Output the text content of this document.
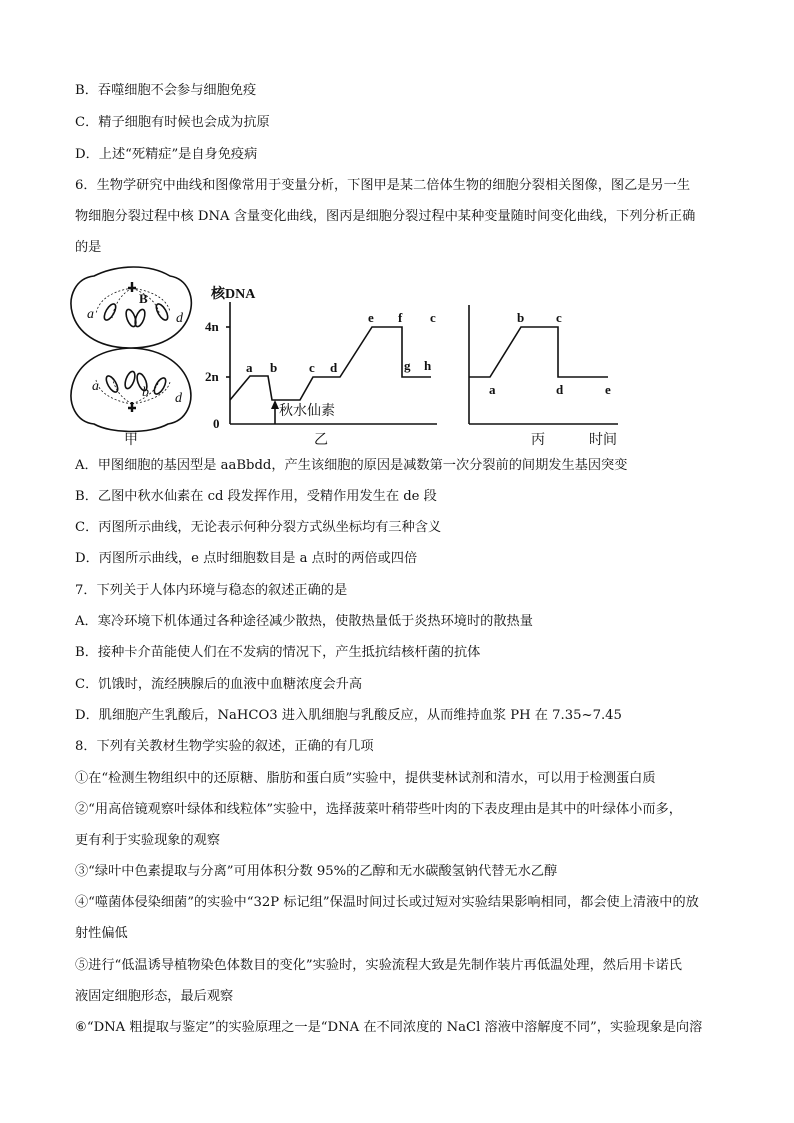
B．吞噬细胞不会参与细胞免疫
C．精子细胞有时候也会成为抗原
D．上述“死精症”是自身免疫病
6．生物学研究中曲线和图像常用于变量分析，下图甲是某二倍体生物的细胞分裂相关图像，图乙是另一生
物细胞分裂过程中核 DNA 含量变化曲线，图丙是细胞分裂过程中某种变量随时间变化曲线，下列分析正确
的是
a
B
d
a	b d
甲
核DNA
4n
2n
0
a b c d
e f c
g h
秋水仙素
乙
a
b c
d	e
丙	时间
A．甲图细胞的基因型是 aaBbdd，产生该细胞的原因是减数第一次分裂前的间期发生基因突变
B．乙图中秋水仙素在 cd 段发挥作用，受精作用发生在 de 段
C．丙图所示曲线，无论表示何种分裂方式纵坐标均有三种含义
D．丙图所示曲线，e 点时细胞数目是 a 点时的两倍或四倍
7．下列关于人体内环境与稳态的叙述正确的是
A．寒冷环境下机体通过各种途径减少散热，使散热量低于炎热环境时的散热量
B．接种卡介苗能使人们在不发病的情况下，产生抵抗结核杆菌的抗体
C．饥饿时，流经胰腺后的血液中血糖浓度会升高
D．肌细胞产生乳酸后，NaHCO3 进入肌细胞与乳酸反应，从而维持血浆 PH 在 7.35~7.45
8．下列有关教材生物学实验的叙述，正确的有几项
①在“检测生物组织中的还原糖、脂肪和蛋白质”实验中，提供斐林试剂和清水，可以用于检测蛋白质
②“用高倍镜观察叶绿体和线粒体”实验中，选择菠菜叶稍带些叶肉的下表皮理由是其中的叶绿体小而多，
更有利于实验现象的观察
③“绿叶中色素提取与分离”可用体积分数 95%的乙醇和无水碳酸氢钠代替无水乙醇
④“噬菌体侵染细菌”的实验中“32P 标记组”保温时间过长或过短对实验结果影响相同，都会使上清液中的放
射性偏低
⑤进行“低温诱导植物染色体数目的变化”实验时，实验流程大致是先制作装片再低温处理，然后用卡诺氏
液固定细胞形态，最后观察
⑥“DNA 粗提取与鉴定”的实验原理之一是“DNA 在不同浓度的 NaCl 溶液中溶解度不同”，实验现象是向溶
